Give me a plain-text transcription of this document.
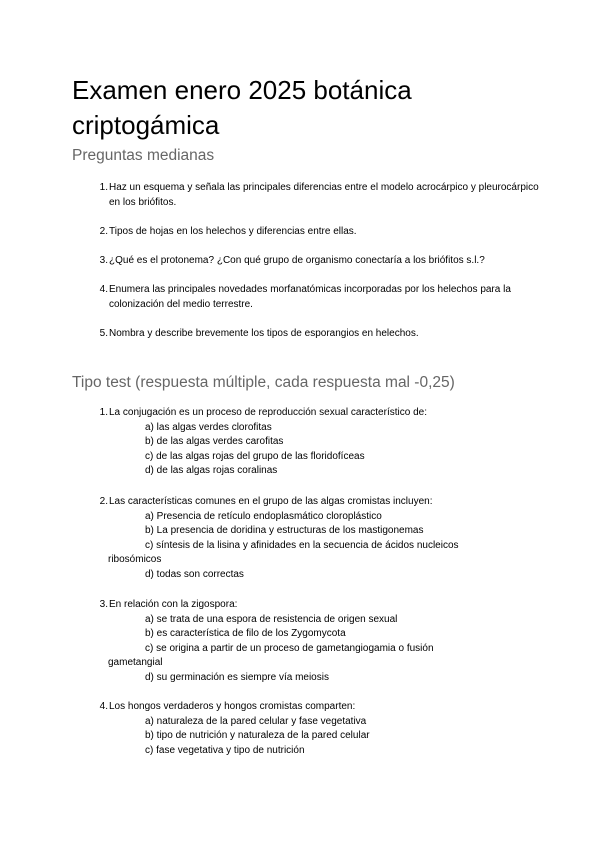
Examen enero 2025 botánica criptogámica
Preguntas medianas
1. Haz un esquema y señala las principales diferencias entre el modelo acrocárpico y pleurocárpico en los briófitos.
2. Tipos de hojas en los helechos y diferencias entre ellas.
3. ¿Qué es el protonema? ¿Con qué grupo de organismo conectaría a los briófitos s.l.?
4. Enumera las principales novedades morfanatómicas incorporadas por los helechos para la colonización del medio terrestre.
5. Nombra y describe brevemente los tipos de esporangios en helechos.
Tipo test (respuesta múltiple, cada respuesta mal -0,25)
1. La conjugación es un proceso de reproducción sexual característico de:
a) las algas verdes clorofitas
b) de las algas verdes carofitas
c) de las algas rojas del grupo de las floridofíceas
d) de las algas rojas coralinas
2. Las características comunes en el grupo de las algas cromistas incluyen:
a) Presencia de retículo endoplasmático cloroplástico
b) La presencia de doridina y estructuras de los mastigonemas
c) síntesis de la lisina y afinidades en la secuencia de ácidos nucleicos
ribosómicos
d) todas son correctas
3. En relación con la zigospora:
a) se trata de una espora de resistencia de origen sexual
b) es característica de filo de los Zygomycota
c) se origina a partir de un proceso de gametangiogamia o fusión
gametangial
d) su germinación es siempre vía meiosis
4. Los hongos verdaderos y hongos cromistas comparten:
a) naturaleza de la pared celular y fase vegetativa
b) tipo de nutrición y naturaleza de la pared celular
c) fase vegetativa y tipo de nutrición
